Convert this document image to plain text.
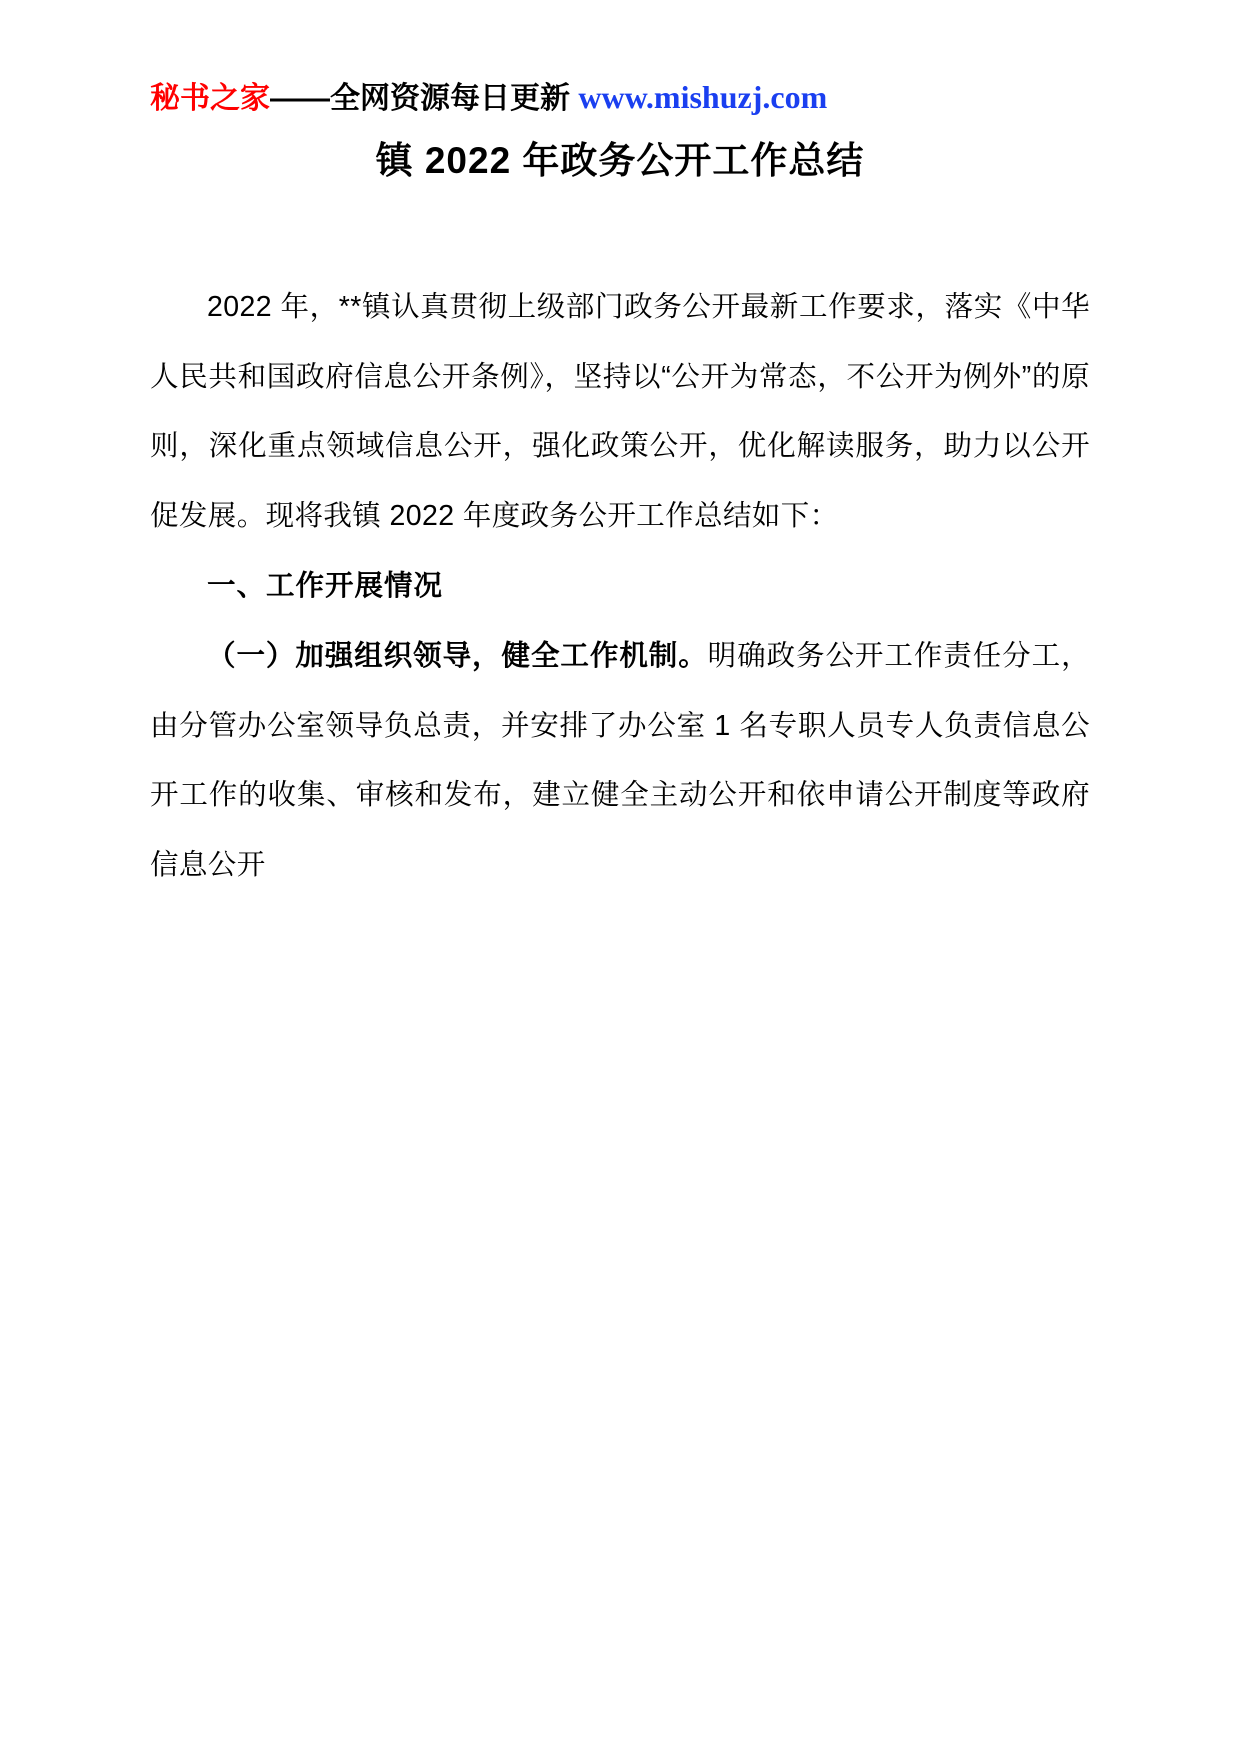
秘书之家——全网资源每日更新 www.mishuzj.com
镇 2022 年政务公开工作总结

2022 年，**镇认真贯彻上级部门政务公开最新工作要求，落实《中华人民共和国政府信息公开条例》，坚持以“公开为常态，不公开为例外”的原则，深化重点领域信息公开，强化政策公开，优化解读服务，助力以公开促发展。现将我镇 2022 年度政务公开工作总结如下：

一、工作开展情况

（一）加强组织领导，健全工作机制。明确政务公开工作责任分工，由分管办公室领导负总责，并安排了办公室 1 名专职人员专人负责信息公开工作的收集、审核和发布，建立健全主动公开和依申请公开制度等政府信息公开
